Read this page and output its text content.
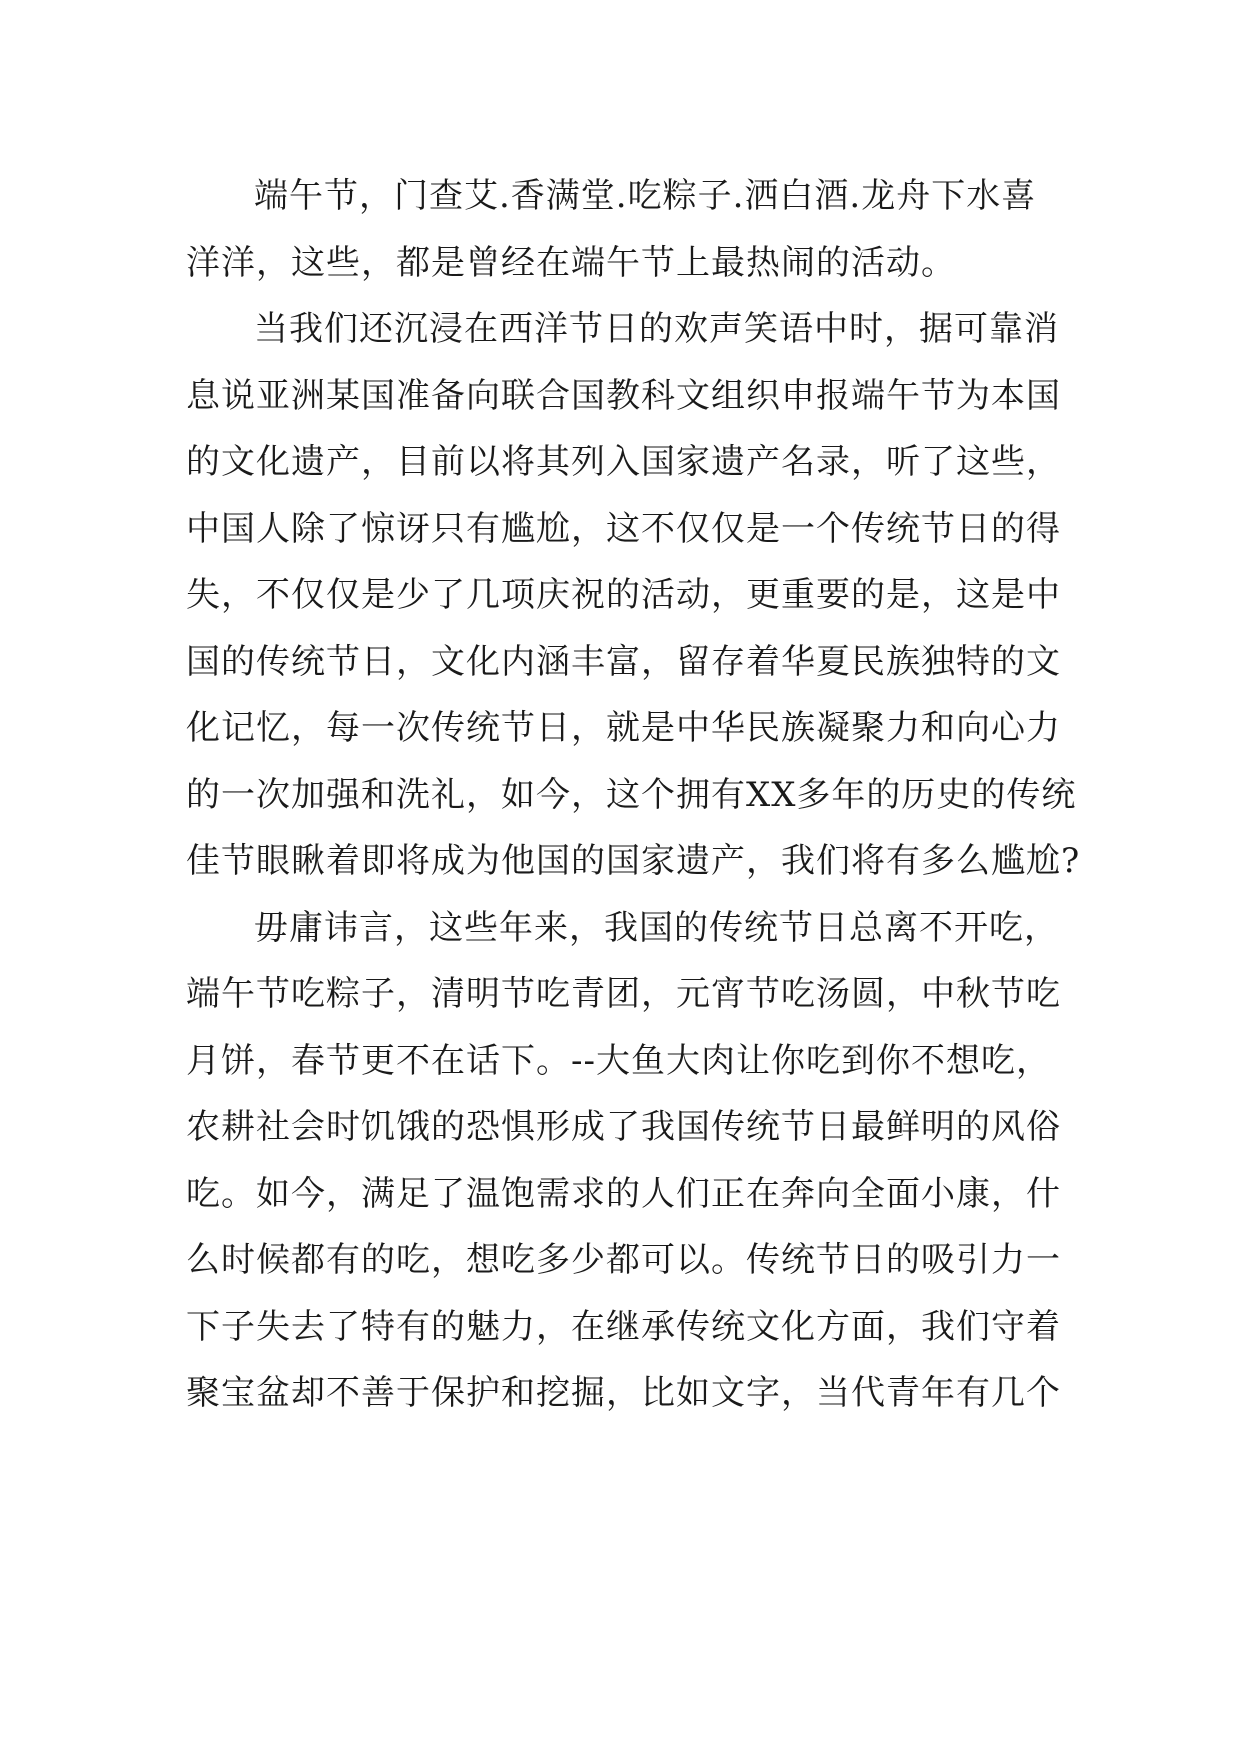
端午节，门查艾.香满堂.吃粽子.洒白酒.龙舟下水喜
洋洋，这些，都是曾经在端午节上最热闹的活动。
当我们还沉浸在西洋节日的欢声笑语中时，据可靠消
息说亚洲某国准备向联合国教科文组织申报端午节为本国
的文化遗产，目前以将其列入国家遗产名录，听了这些，
中国人除了惊讶只有尴尬，这不仅仅是一个传统节日的得
失，不仅仅是少了几项庆祝的活动，更重要的是，这是中
国的传统节日，文化内涵丰富，留存着华夏民族独特的文
化记忆，每一次传统节日，就是中华民族凝聚力和向心力
的一次加强和洗礼，如今，这个拥有XX多年的历史的传统
佳节眼瞅着即将成为他国的国家遗产，我们将有多么尴尬?
毋庸讳言，这些年来，我国的传统节日总离不开吃，
端午节吃粽子，清明节吃青团，元宵节吃汤圆，中秋节吃
月饼，春节更不在话下。--大鱼大肉让你吃到你不想吃，
农耕社会时饥饿的恐惧形成了我国传统节日最鲜明的风俗
吃。如今，满足了温饱需求的人们正在奔向全面小康，什
么时候都有的吃，想吃多少都可以。传统节日的吸引力一
下子失去了特有的魅力，在继承传统文化方面，我们守着
聚宝盆却不善于保护和挖掘，比如文字，当代青年有几个
